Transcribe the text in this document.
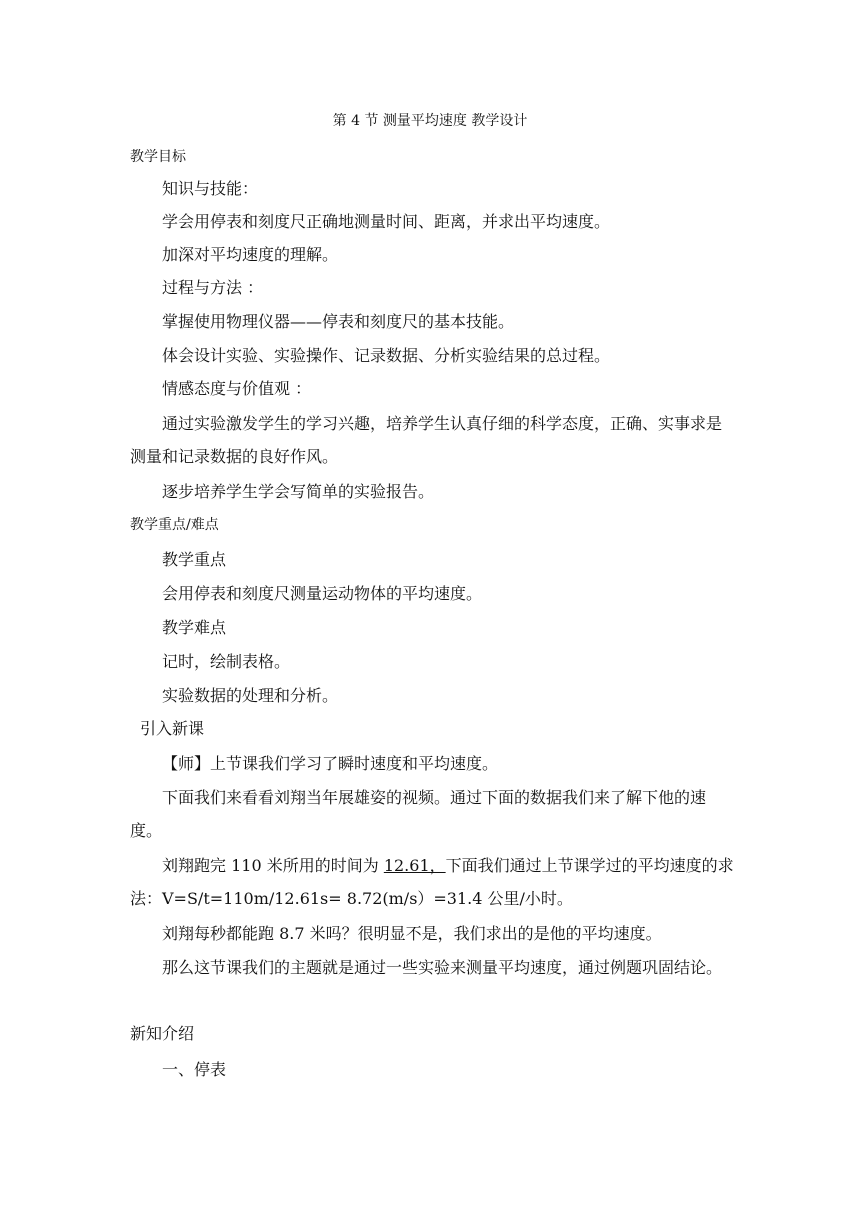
第 4 节 测量平均速度 教学设计
教学目标

知识与技能：

学会用停表和刻度尺正确地测量时间、距离，并求出平均速度。

加深对平均速度的理解。

过程与方法 ：

掌握使用物理仪器——停表和刻度尺的基本技能。

体会设计实验、实验操作、记录数据、分析实验结果的总过程。

情感态度与价值观 ：

通过实验激发学生的学习兴趣，培养学生认真仔细的科学态度，正确、实事求是测量和记录数据的良好作风。

逐步培养学生学会写简单的实验报告。

教学重点/难点

教学重点

会用停表和刻度尺测量运动物体的平均速度。

教学难点

记时，绘制表格。

实验数据的处理和分析。

引入新课

【师】上节课我们学习了瞬时速度和平均速度。

下面我们来看看刘翔当年展雄姿的视频。通过下面的数据我们来了解下他的速度。

刘翔跑完 110 米所用的时间为 12.61，下面我们通过上节课学过的平均速度的求法：V=S/t=110m/12.61s= 8.72(m/s）=31.4 公里/小时。

刘翔每秒都能跑 8.7 米吗？很明显不是，我们求出的是他的平均速度。

那么这节课我们的主题就是通过一些实验来测量平均速度，通过例题巩固结论。

新知介绍

一、停表
